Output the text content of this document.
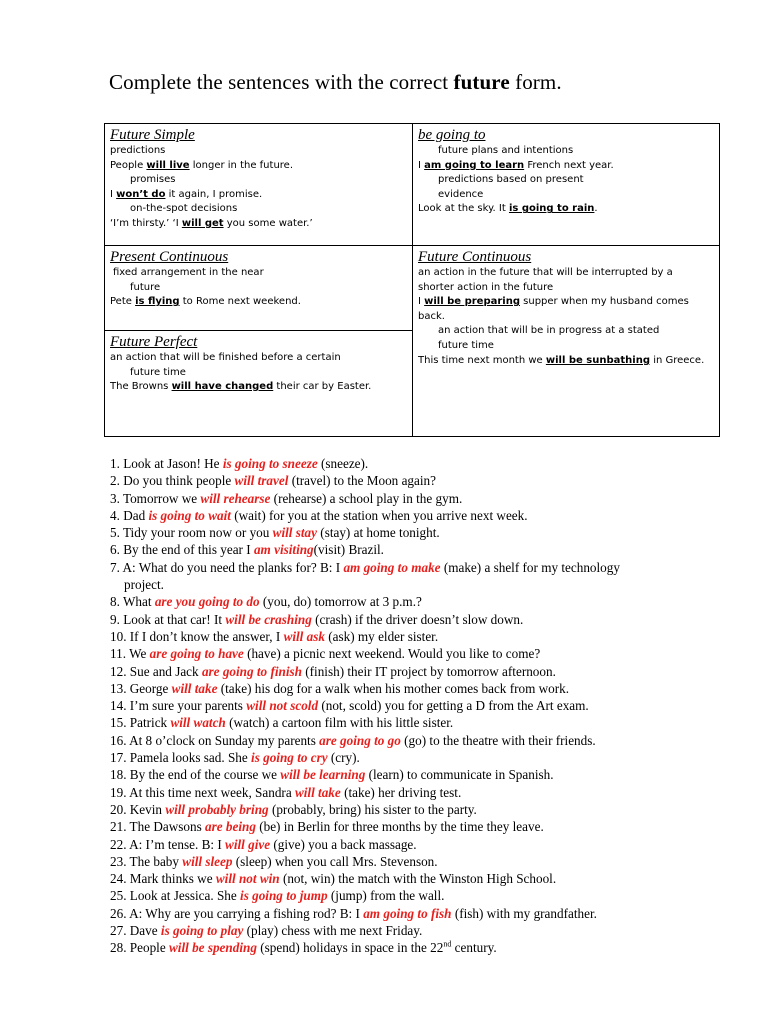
Complete the sentences with the correct future form.
Future Simple
predictions
People will live longer in the future.
promises
I won’t do it again, I promise.
on-the-spot decisions
‘I’m thirsty.’ ‘I will get you some water.’
be going to
future plans and intentions
I am going to learn French next year.
predictions based on present
evidence
Look at the sky. It is going to rain.
Present Continuous
fixed arrangement in the near
future
Pete is flying to Rome next weekend.
Future Continuous
an action in the future that will be interrupted by a
shorter action in the future
I will be preparing supper when my husband comes
back.
an action that will be in progress at a stated
future time
This time next month we will be sunbathing in Greece.
Future Perfect
an action that will be finished before a certain
future time
The Browns will have changed their car by Easter.
1. Look at Jason! He is going to sneeze (sneeze).
2. Do you think people will travel (travel) to the Moon again?
3. Tomorrow we will rehearse (rehearse) a school play in the gym.
4. Dad is going to wait (wait) for you at the station when you arrive next week.
5. Tidy your room now or you will stay (stay) at home tonight.
6. By the end of this year I am visiting(visit) Brazil.
7. A: What do you need the planks for? B: I am going to make (make) a shelf for my technology
project.
8. What are you going to do (you, do) tomorrow at 3 p.m.?
9. Look at that car! It will be crashing (crash) if the driver doesn’t slow down.
10. If I don’t know the answer, I will ask (ask) my elder sister.
11. We are going to have (have) a picnic next weekend. Would you like to come?
12. Sue and Jack are going to finish (finish) their IT project by tomorrow afternoon.
13. George will take (take) his dog for a walk when his mother comes back from work.
14. I’m sure your parents will not scold (not, scold) you for getting a D from the Art exam.
15. Patrick will watch (watch) a cartoon film with his little sister.
16. At 8 o’clock on Sunday my parents are going to go (go) to the theatre with their friends.
17. Pamela looks sad. She is going to cry (cry).
18. By the end of the course we will be learning (learn) to communicate in Spanish.
19. At this time next week, Sandra will take (take) her driving test.
20. Kevin will probably bring (probably, bring) his sister to the party.
21. The Dawsons are being (be) in Berlin for three months by the time they leave.
22. A: I’m tense. B: I will give (give) you a back massage.
23. The baby will sleep (sleep) when you call Mrs. Stevenson.
24. Mark thinks we will not win (not, win) the match with the Winston High School.
25. Look at Jessica. She is going to jump (jump) from the wall.
26. A: Why are you carrying a fishing rod? B: I am going to fish (fish) with my grandfather.
27. Dave is going to play (play) chess with me next Friday.
28. People will be spending (spend) holidays in space in the 22nd century.
